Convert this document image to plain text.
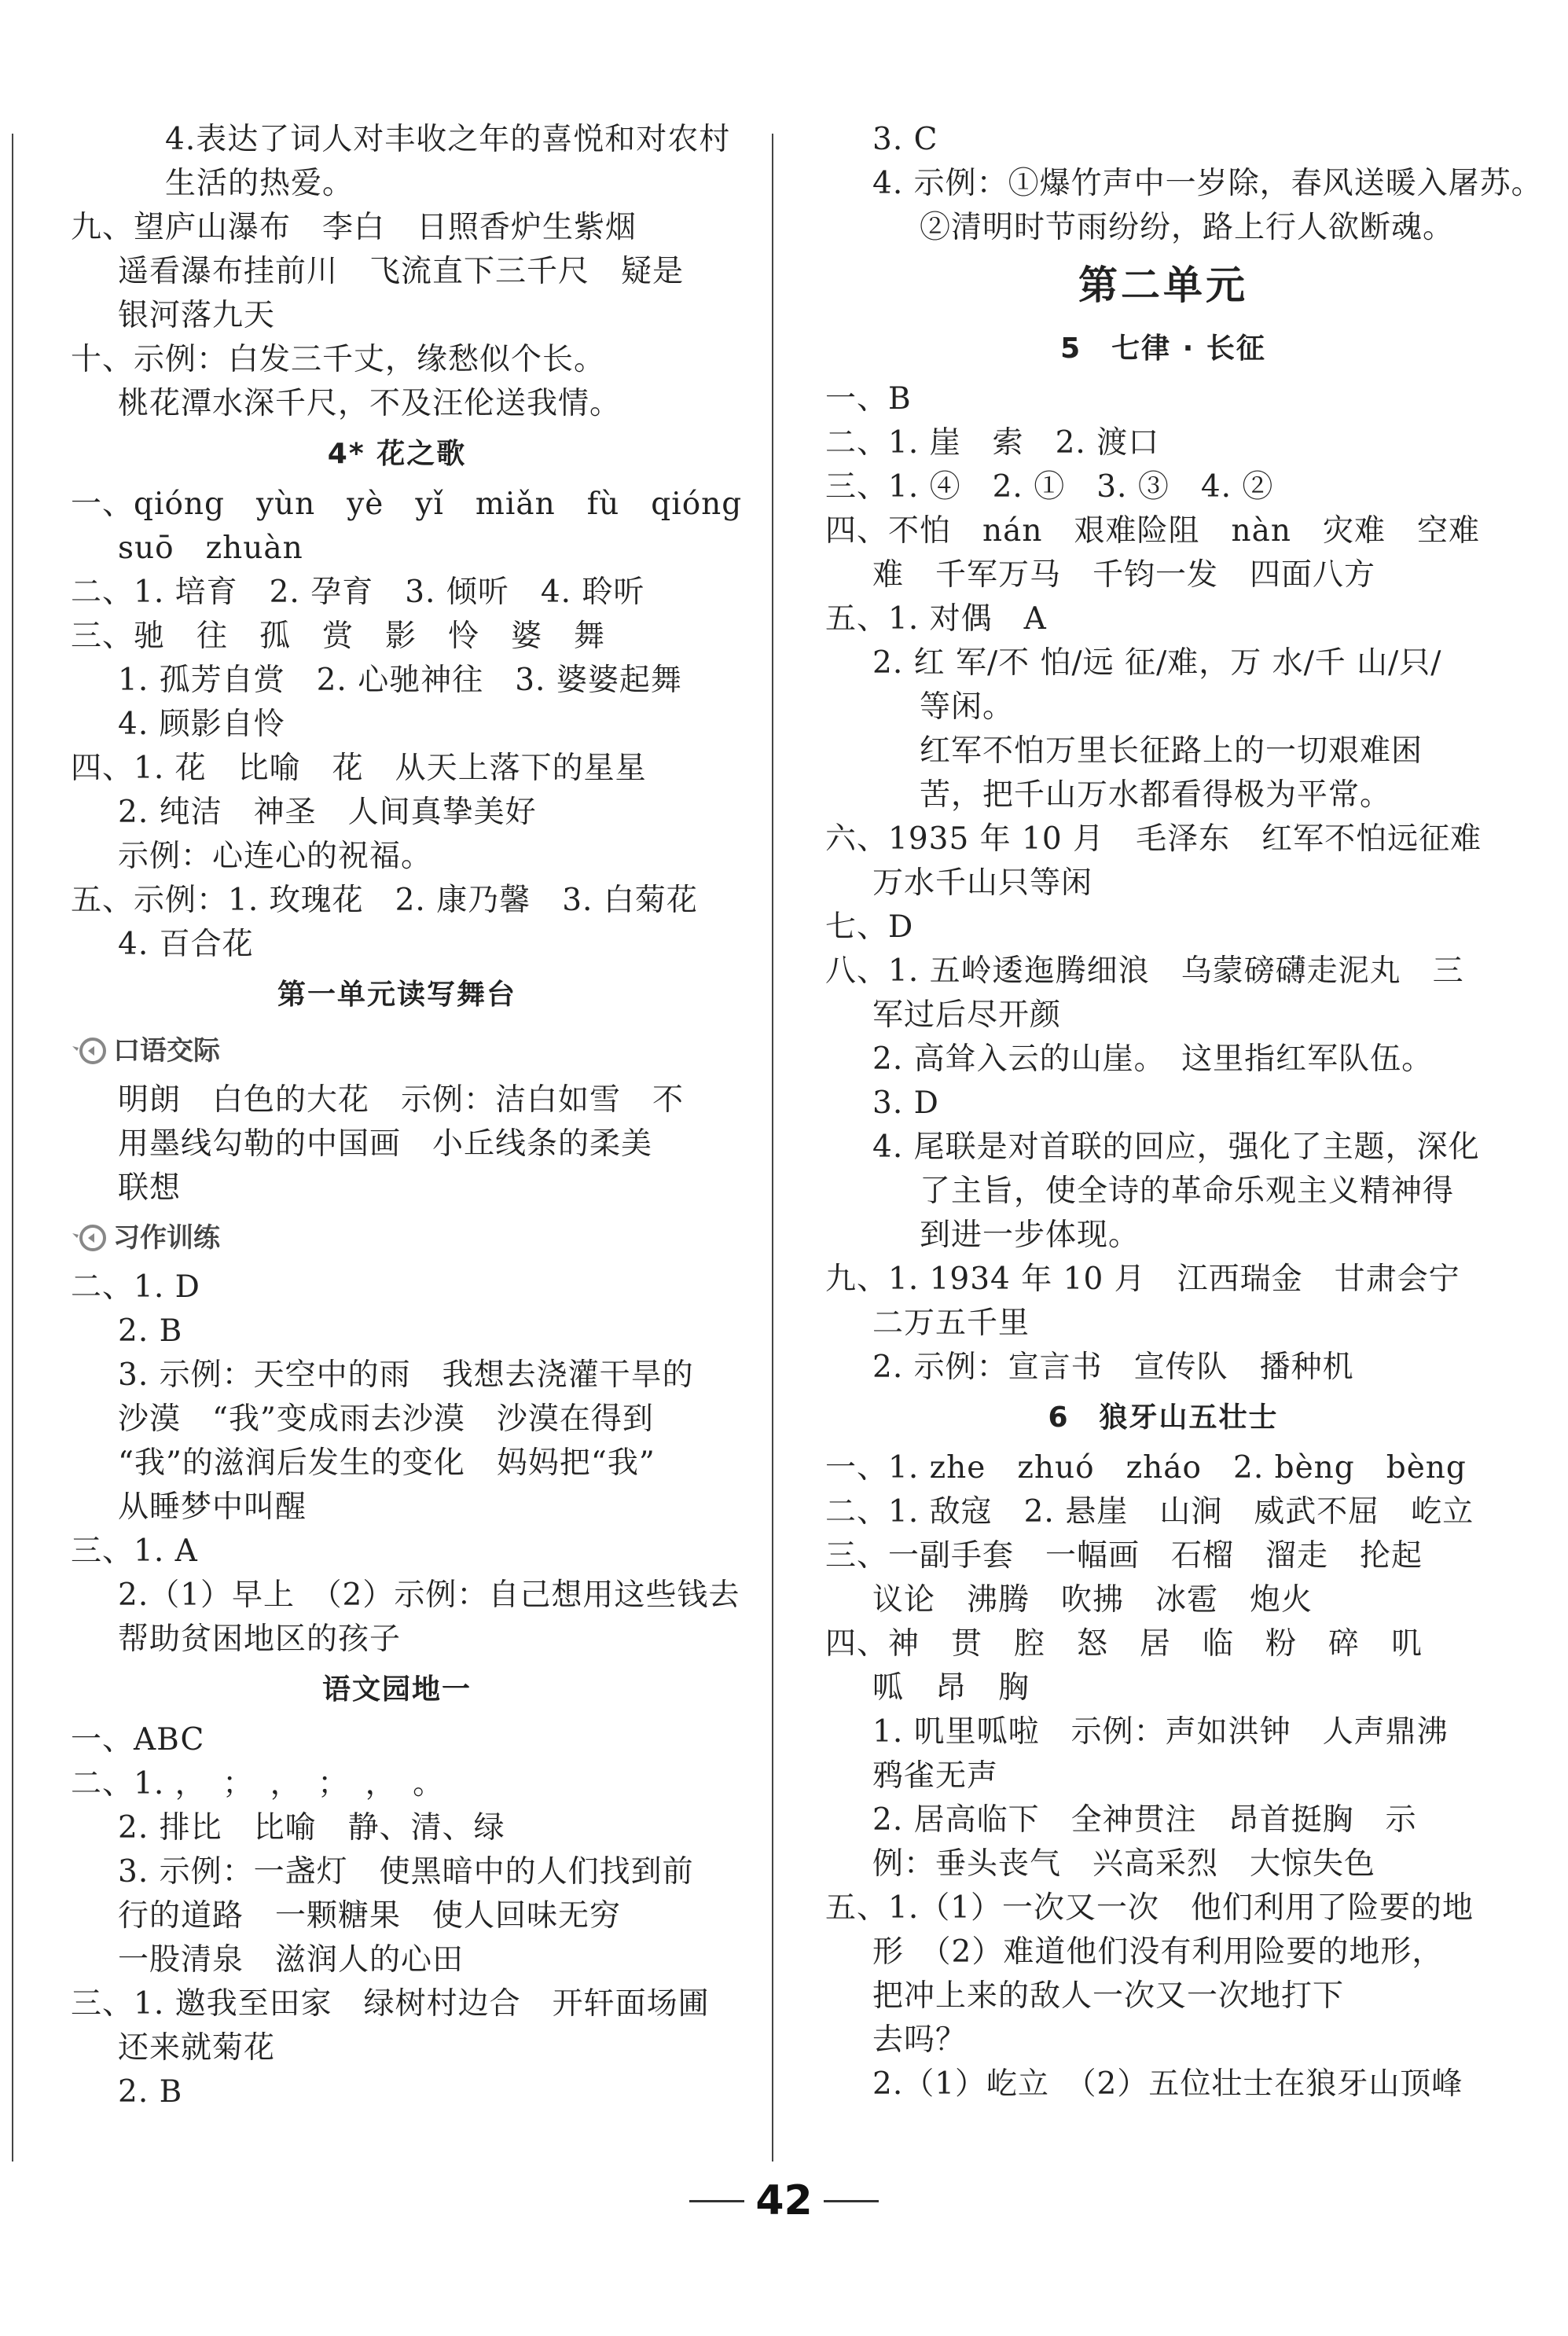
4.表达了词人对丰收之年的喜悦和对农村
生活的热爱。
九、望庐山瀑布　李白　日照香炉生紫烟
遥看瀑布挂前川　飞流直下三千尺　疑是
银河落九天
十、示例：白发三千丈，缘愁似个长。
桃花潭水深千尺，不及汪伦送我情。
4* 花之歌
一、qióng　yùn　yè　yǐ　miǎn　fù　qióng
suō　zhuàn
二、1. 培育　2. 孕育　3. 倾听　4. 聆听
三、驰　往　孤　赏　影　怜　婆　舞
1. 孤芳自赏　2. 心驰神往　3. 婆婆起舞
4. 顾影自怜
四、1. 花　比喻　花　从天上落下的星星
2. 纯洁　神圣　人间真挚美好
示例：心连心的祝福。
五、示例：1. 玫瑰花　2. 康乃馨　3. 白菊花
4. 百合花
第一单元读写舞台
口语交际
明朗　白色的大花　示例：洁白如雪　不
用墨线勾勒的中国画　小丘线条的柔美
联想
习作训练
二、1. D
2. B
3. 示例：天空中的雨　我想去浇灌干旱的
沙漠　“我”变成雨去沙漠　沙漠在得到
“我”的滋润后发生的变化　妈妈把“我”
从睡梦中叫醒
三、1. A
2.（1）早上　（2）示例：自己想用这些钱去
帮助贫困地区的孩子
语文园地一
一、ABC
二、1. ，　；　，　；　，　。
2. 排比　比喻　静、清、绿
3. 示例：一盏灯　使黑暗中的人们找到前
行的道路　一颗糖果　使人回味无穷
一股清泉　滋润人的心田
三、1. 邀我至田家　绿树村边合　开轩面场圃
还来就菊花
2. B
3. C
4. 示例：①爆竹声中一岁除，春风送暖入屠苏。
②清明时节雨纷纷，路上行人欲断魂。
第二单元
5　七律 · 长征
一、B
二、1. 崖　索　2. 渡口
三、1. ④　2. ①　3. ③　4. ②
四、不怕　nán　艰难险阻　nàn　灾难　空难
难　千军万马　千钧一发　四面八方
五、1. 对偶　A
2. 红 军/不 怕/远 征/难，万 水/千 山/只/
等闲。
红军不怕万里长征路上的一切艰难困
苦，把千山万水都看得极为平常。
六、1935 年 10 月　毛泽东　红军不怕远征难
万水千山只等闲
七、D
八、1. 五岭逶迤腾细浪　乌蒙磅礴走泥丸　三
军过后尽开颜
2. 高耸入云的山崖。　这里指红军队伍。
3. D
4. 尾联是对首联的回应，强化了主题，深化
了主旨，使全诗的革命乐观主义精神得
到进一步体现。
九、1. 1934 年 10 月　江西瑞金　甘肃会宁
二万五千里
2. 示例：宣言书　宣传队　播种机
6　狼牙山五壮士
一、1. zhe　zhuó　zháo　2. bèng　bèng
二、1. 敌寇　2. 悬崖　山涧　威武不屈　屹立
三、一副手套　一幅画　石榴　溜走　抡起
议论　沸腾　吹拂　冰雹　炮火
四、神　贯　腔　怒　居　临　粉　碎　叽
呱　昂　胸
1. 叽里呱啦　示例：声如洪钟　人声鼎沸
鸦雀无声
2. 居高临下　全神贯注　昂首挺胸　示
例：垂头丧气　兴高采烈　大惊失色
五、1.（1）一次又一次　他们利用了险要的地
形　（2）难道他们没有利用险要的地形，
把冲上来的敌人一次又一次地打下
去吗？
2.（1）屹立　（2）五位壮士在狼牙山顶峰
42
